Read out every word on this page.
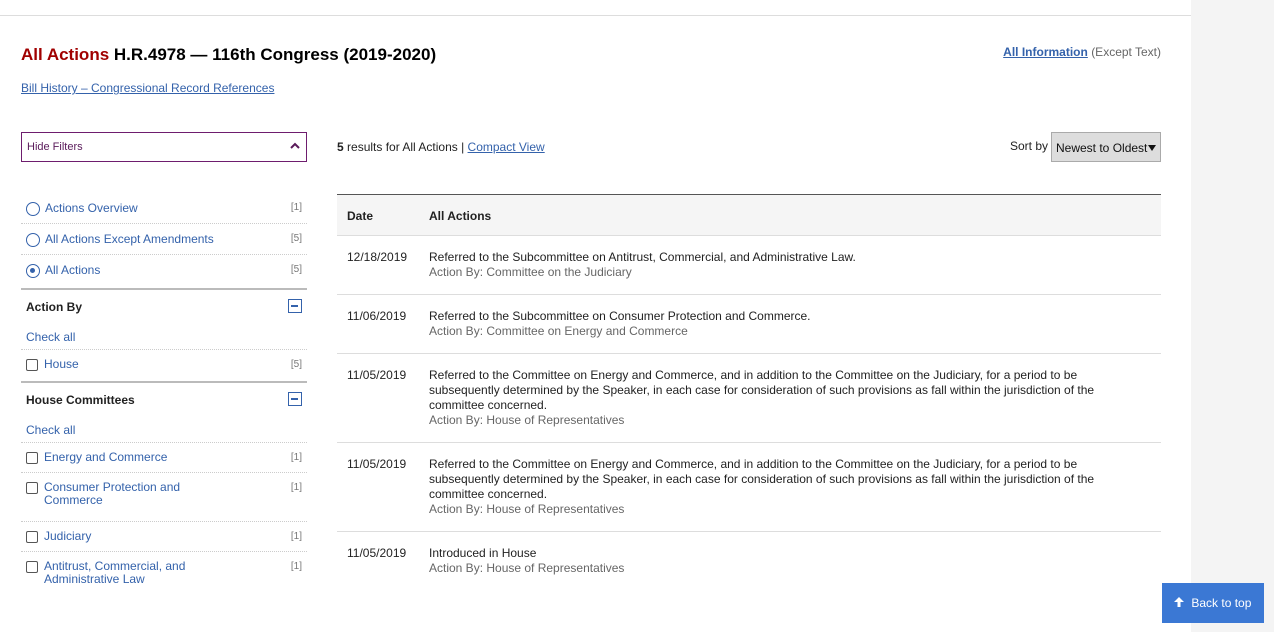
All Actions H.R.4978 — 116th Congress (2019-2020)
Bill History – Congressional Record References
All Information (Except Text)
Hide Filters
Actions Overview	[1]
All Actions Except Amendments	[5]
All Actions	[5]
Action By
Check all
House	[5]
House Committees
Check all
Energy and Commerce	[1]
Consumer Protection and Commerce
[1]
Judiciary	[1]
Antitrust, Commercial, and Administrative Law
[1]
5 results for All Actions | Compact View	Sort by Newest to Oldest
Date	All Actions
12/18/2019 Referred to the Subcommittee on Antitrust, Commercial, and Administrative Law.
Action By: Committee on the Judiciary
11/06/2019 Referred to the Subcommittee on Consumer Protection and Commerce.
Action By: Committee on Energy and Commerce
11/05/2019 Referred to the Committee on Energy and Commerce, and in addition to the Committee on the Judiciary, for a period to be subsequently determined by the Speaker, in each case for consideration of such provisions as fall within the jurisdiction of the committee concerned.
Action By: House of Representatives
11/05/2019 Referred to the Committee on Energy and Commerce, and in addition to the Committee on the Judiciary, for a period to be subsequently determined by the Speaker, in each case for consideration of such provisions as fall within the jurisdiction of the committee concerned.
Action By: House of Representatives
11/05/2019 Introduced in House
Action By: House of Representatives
Back to top
